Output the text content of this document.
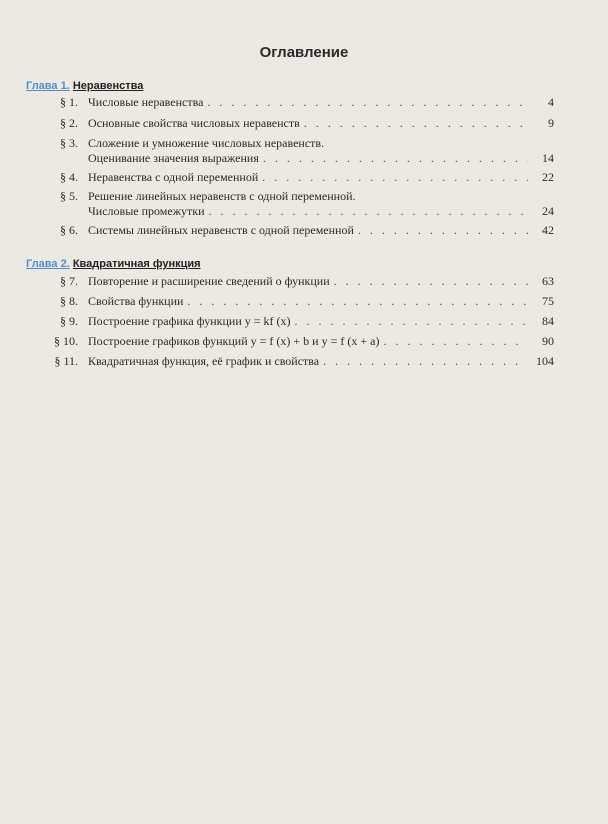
Оглавление
Глава 1. Неравенства
§ 1. Числовые неравенства . . .	4
§ 2. Основные свойства числовых неравенств . . .	9
§ 3. Сложение и умножение числовых неравенств.
Оценивание значения выражения . . .	14
§ 4. Неравенства с одной переменной . . .	22
§ 5. Решение линейных неравенств с одной переменной.
Числовые промежутки . . .	24
§ 6. Системы линейных неравенств с одной переменной . . .	42
Глава 2. Квадратичная функция
§ 7. Повторение и расширение сведений о функции . . .	63
§ 8. Свойства функции . . .	75
§ 9. Построение графика функции y = kf (x) . . .	84
§ 10. Построение графиков функций y = f (x) + b и y = f (x + a) . . .	90
§ 11. Квадратичная функция, её график и свойства . . .	104
